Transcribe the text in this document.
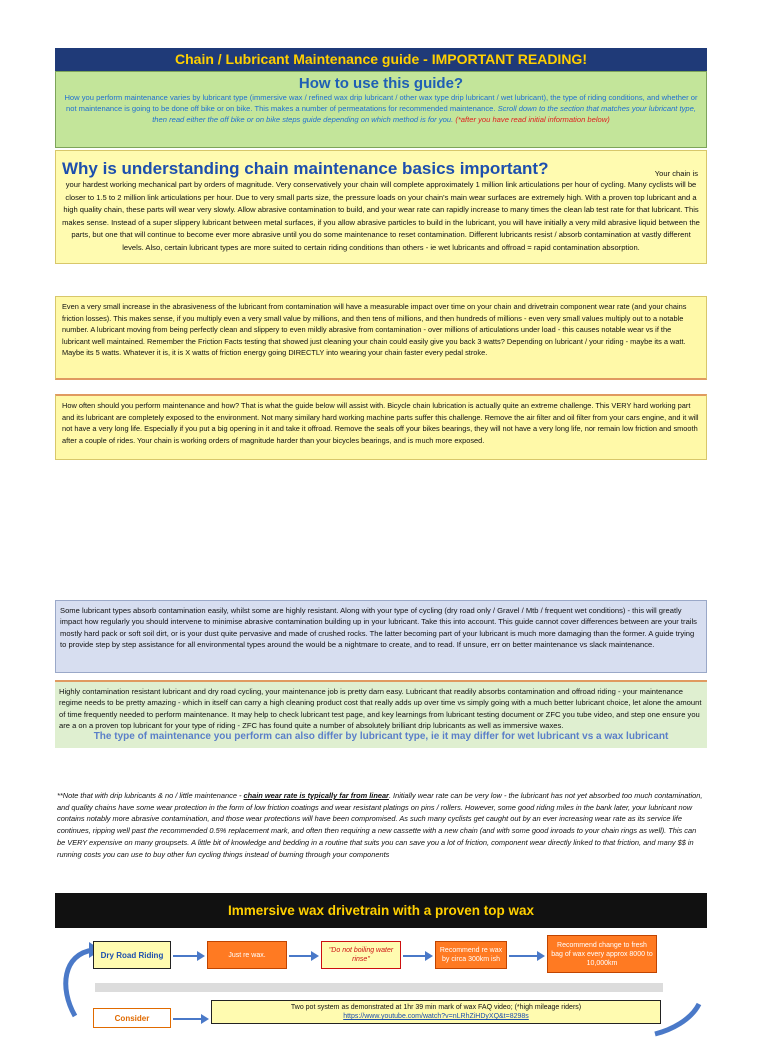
Chain / Lubricant Maintenance guide - IMPORTANT READING!
How to use this guide?
How you perform maintenance varies by lubricant type (immersive wax / refined wax drip lubricant / other wax type drip lubricant / wet lubricant), the type of riding conditions, and whether or not maintenance is going to be done off bike or on bike. This makes a number of permeatations for recommended maintenance. Scroll down to the section that matches your lubricant type, then read either the off bike or on bike steps guide depending on which method is for you. (*after you have read initial information below)
Why is understanding chain maintenance basics important?	Your chain is
your hardest working mechanical part by orders of magnitude. Very conservatively your chain will complete approximately 1 million link articulations per hour of cycling. Many cyclists will be closer to 1.5 to 2 million link articulations per hour. Due to very small parts size, the pressure loads on your chain's main wear surfaces are extremely high. With a proven top lubricant and a high quality chain, these parts will wear very slowly. Allow abrasive contamination to build, and your wear rate can rapidly increase to many times the clean lab test rate for that lubricant. This makes sense. Instead of a super slippery lubricant between metal surfaces, if you allow abrasive particles to build in the lubricant, you will have initially a very mild abrasive liquid between the parts, but one that will continue to become ever more abrasive until you do some maintenance to reset contamination. Different lubricants resist / absorb contamination at vastly different levels. Also, certain lubricant types are more suited to certain riding conditions than others - ie wet lubricants and offroad = rapid contamination absorption.
Even a very small increase in the abrasiveness of the lubricant from contamination will have a measurable impact over time on your chain and drivetrain component wear rate (and your chains friction losses). This makes sense, if you multiply even a very small value by millions, and then tens of millions, and then hundreds of millions - even very small values multiply out to a notable number. A lubricant moving from being perfectly clean and slippery to even mildly abrasive from contamination - over millions of articulations under load - this causes notable wear vs if the lubricant well maintained. Remember the Friction Facts testing that showed just cleaning your chain could easily give you back 3 watts? Depending on lubricant / your riding - maybe its a watt. Maybe its 5 watts. Whatever it is, it is X watts of friction energy going DIRECTLY into wearing your chain faster every pedal stroke.
How often should you perform maintenance and how? That is what the guide below will assist with. Bicycle chain lubrication is actually quite an extreme challenge. This VERY hard working part and its lubricant are completely exposed to the environment. Not many similary hard working machine parts suffer this challenge. Remove the air filter and oil filter from your cars engine, and it will not have a very long life. Especially if you put a big opening in it and take it offroad. Remove the seals off your bikes bearings, they will not have a very long life, nor remain low friction and smooth after a couple of rides. Your chain is working orders of magnitude harder than your bicycles bearings, and is much more exposed.
Some lubricant types absorb contamination easily, whilst some are highly resistant. Along with your type of cycling (dry road only / Gravel / Mtb / frequent wet conditions) - this will greatly impact how regularly you should intervene to minimise abrasive contamination building up in your lubricant. Take this into account. This guide cannot cover differences between are your trails mostly hard pack or soft soil dirt, or is your dust quite pervasive and made of crushed rocks. The latter becoming part of your lubricant is much more damaging than the former. A guide trying to provide step by step assistance for all environmental types around the would be a nightmare to create, and to read. If unsure, err on better maintenance vs slack maintenance.
Highly contamination resistant lubricant and dry road cycling, your maintenance job is pretty darn easy. Lubricant that readily absorbs contamination and offroad riding - your maintenance regime needs to be pretty amazing - which in itself can carry a high cleaning product cost that really adds up over time vs simply going with a much better lubricant choice, let alone the amount of time frequently needed to perform maintenance. It may help to check lubricant test page, and key learnings from lubricant testing document or ZFC you tube video, and step one ensure you are a on a proven top lubricant for your type of riding - ZFC has found quite a number of absolutely brilliant drip lubricants as well as immersive waxes.
The type of maintenance you perform can also differ by lubricant type, ie it may differ for wet lubricant vs a wax lubricant
**Note that with drip lubricants & no / little maintenance - chain wear rate is typically far from linear. Initially wear rate can be very low - the lubricant has not yet absorbed too much contamination, and quality chains have some wear protection in the form of low friction coatings and wear resistant platings on pins / rollers. However, some good riding miles in the bank later, your lubricant now contains notably more abrasive contamination, and those wear protections will have been compromised. As such many cyclists get caught out by an ever increasing wear rate as its service life continues, ripping well past the recommended 0.5% replacement mark, and often then requiring a new cassette with a new chain (and with some good inroads to your chain rings as well). This can be VERY expensive on many groupsets. A little bit of knowledge and bedding in a routine that suits you can save you a lot of friction, component wear directly linked to that friction, and many $$ in running costs you can use to buy other fun cycling things instead of burning through your components
Immersive wax drivetrain with a proven top wax
Dry Road Riding	Just re wax.
"Do not boiling water rinse"
Recommend re wax by circa 300km ish
Recommend change to fresh bag of wax every approx 8000 to 10,000km
Consider
Two pot system as demonstrated at 1hr 39 min mark of wax FAQ video; (*high mileage riders)
https://www.youtube.com/watch?v=nLRhZiHDyXQ&t=8298s
